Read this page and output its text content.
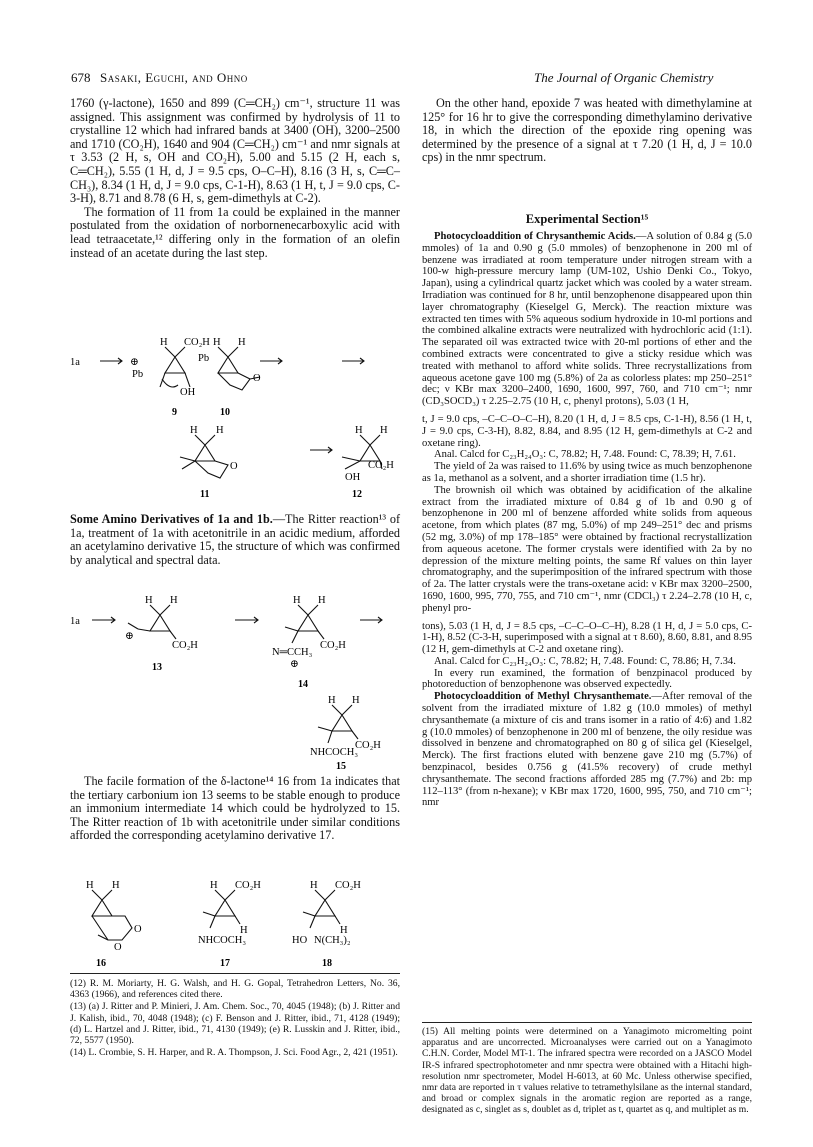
678 Sasaki, Eguchi, and Ohno	The Journal of Organic Chemistry

1760 (γ-lactone), 1650 and 899 (C═CH₂) cm⁻¹, structure 11 was assigned. This assignment was confirmed by hydrolysis of 11 to crystalline 12 which had infrared bands at 3400 (OH), 3200–2500 and 1710 (CO₂H), 1640 and 904 (C═CH₂) cm⁻¹ and nmr signals at τ 3.53 (2 H, s, OH and CO₂H), 5.00 and 5.15 (2 H, each s, C═CH₂), 5.55 (1 H, d, J = 9.5 cps, O–C–H), 8.16 (3 H, s, C═C–CH₃), 8.34 (1 H, d, J = 9.0 cps, C-1-H), 8.63 (1 H, t, J = 9.0 cps, C-3-H), 8.71 and 8.78 (6 H, s, gem-dimethyls at C-2).

The formation of 11 from 1a could be explained in the manner postulated from the oxidation of norbornenecarboxylic acid with lead tetraacetate,¹² differing only in the formation of an olefin instead of an acetate during the last step.

1a
H CO₂H
⊕
Pb
OH
H H
Pb
O
9	10
H H
O
H H
OH
CO₂H
11	12

Some Amino Derivatives of 1a and 1b.—The Ritter reaction¹³ of 1a, treatment of 1a with acetonitrile in an acidic medium, afforded an acetylamino derivative 15, the structure of which was confirmed by analytical and spectral data.

1a
H H
⊕
CO₂H
13
H H
CO₂H
N═CCH₃
⊕
14
H H
CO₂H
NHCOCH₃
15

The facile formation of the δ-lactone¹⁴ 16 from 1a indicates that the tertiary carbonium ion 13 seems to be stable enough to produce an immonium intermediate 14 which could be hydrolyzed to 15. The Ritter reaction of 1b with acetonitrile under similar conditions afforded the corresponding acetylamino derivative 17.

H H
O
O
16
H CO₂H
H
NHCOCH₃
17
H CO₂H
H
HO N(CH₃)₂
18

(12) R. M. Moriarty, H. G. Walsh, and H. G. Gopal, Tetrahedron Letters, No. 36, 4363 (1966), and references cited there.

(13) (a) J. Ritter and P. Minieri, J. Am. Chem. Soc., 70, 4045 (1948); (b) J. Ritter and J. Kalish, ibid., 70, 4048 (1948); (c) F. Benson and J. Ritter, ibid., 71, 4128 (1949); (d) L. Hartzel and J. Ritter, ibid., 71, 4130 (1949); (e) R. Lusskin and J. Ritter, ibid., 72, 5577 (1950).

(14) L. Crombie, S. H. Harper, and R. A. Thompson, J. Sci. Food Agr., 2, 421 (1951).

On the other hand, epoxide 7 was heated with dimethylamine at 125° for 16 hr to give the corresponding dimethylamino derivative 18, in which the direction of the epoxide ring opening was determined by the presence of a signal at τ 7.20 (1 H, d, J = 10.0 cps) in the nmr spectrum.

Experimental Section¹⁵

Photocycloaddition of Chrysanthemic Acids.—A solution of 0.84 g (5.0 mmoles) of 1a and 0.90 g (5.0 mmoles) of benzophenone in 200 ml of benzene was irradiated at room temperature under nitrogen stream with a 100-w high-pressure mercury lamp (UM-102, Ushio Denki Co., Tokyo, Japan), using a cylindrical quartz jacket which was cooled by a water stream. Irradiation was continued for 8 hr, until benzophenone disappeared upon thin layer chromatography (Kieselgel G, Merck). The reaction mixture was extracted ten times with 5% aqueous sodium hydroxide in 10-ml portions and the combined alkaline extracts were neutralized with hydrochloric acid (1:1). The separated oil was extracted twice with 20-ml portions of ether and the combined extracts were concentrated to give a sticky residue which was treated with methanol to afford white solids. Three recrystallizations from aqueous acetone gave 100 mg (5.8%) of 2a as colorless plates: mp 250–251° dec; ν KBr max 3200–2400, 1690, 1600, 997, 760, and 710 cm⁻¹; nmr (CD₃SOCD₃) τ 2.25–2.75 (10 H, c, phenyl protons), 5.03 (1 H,

t, J = 9.0 cps, –C–C–O–C–H), 8.20 (1 H, d, J = 8.5 cps, C-1-H), 8.56 (1 H, t, J = 9.0 cps, C-3-H), 8.82, 8.84, and 8.95 (12 H, gem-dimethyls at C-2 and oxetane ring).

Anal. Calcd for C₂₃H₂₄O₃: C, 78.82; H, 7.48. Found: C, 78.39; H, 7.61.

The yield of 2a was raised to 11.6% by using twice as much benzophenone as 1a, methanol as a solvent, and a shorter irradiation time (1.5 hr).

The brownish oil which was obtained by acidification of the alkaline extract from the irradiated mixture of 0.84 g of 1b and 0.90 g of benzophenone in 200 ml of benzene afforded white solids from aqueous acetone, from which plates (87 mg, 5.0%) of mp 249–251° dec and prisms (52 mg, 3.0%) of mp 178–185° were obtained by fractional recrystallization from aqueous acetone. The former crystals were identified with 2a by no depression of the mixture melting points, the same Rf values on thin layer chromatography, and the superimposition of the infrared spectrum with those of 2a. The latter crystals were the trans-oxetane acid: ν KBr max 3200–2500, 1690, 1600, 995, 770, 755, and 710 cm⁻¹, nmr (CDCl₃) τ 2.24–2.78 (10 H, c, phenyl pro-

tons), 5.03 (1 H, d, J = 8.5 cps, –C–C–O–C–H), 8.28 (1 H, d, J = 5.0 cps, C-1-H), 8.52 (C-3-H, superimposed with a signal at τ 8.60), 8.60, 8.81, and 8.95 (12 H, gem-dimethyls at C-2 and oxetane ring).

Anal. Calcd for C₂₃H₂₄O₃: C, 78.82; H, 7.48. Found: C, 78.86; H, 7.34.

In every run examined, the formation of benzpinacol produced by photoreduction of benzophenone was observed expectedly.

Photocycloaddition of Methyl Chrysanthemate.—After removal of the solvent from the irradiated mixture of 1.82 g (10.0 mmoles) of methyl chrysanthemate (a mixture of cis and trans isomer in a ratio of 4:6) and 1.82 g (10.0 mmoles) of benzophenone in 200 ml of benzene, the oily residue was dissolved in benzene and chromatographed on 80 g of silica gel (Kieselgel, Merck). The first fractions eluted with benzene gave 210 mg (5.7%) of benzpinacol, besides 0.756 g (41.5% recovery) of crude methyl chrysanthemate. The second fractions afforded 285 mg (7.7%) and 2b: mp 112–113° (from n-hexane); ν KBr max 1720, 1600, 995, 750, and 710 cm⁻¹; nmr

(15) All melting points were determined on a Yanagimoto micromelting point apparatus and are uncorrected. Microanalyses were carried out on a Yanagimoto C.H.N. Corder, Model MT-1. The infrared spectra were recorded on a JASCO Model IR-S infrared spectrophotometer and nmr spectra were obtained with a Hitachi high-resolution nmr spectrometer, Model H-6013, at 60 Mc. Unless otherwise specified, nmr data are reported in τ values relative to tetramethylsilane as the internal standard, and broad or complex signals in the aromatic region are reported as a range, designated as c, singlet as s, doublet as d, triplet as t, quartet as q, and multiplet as m.
